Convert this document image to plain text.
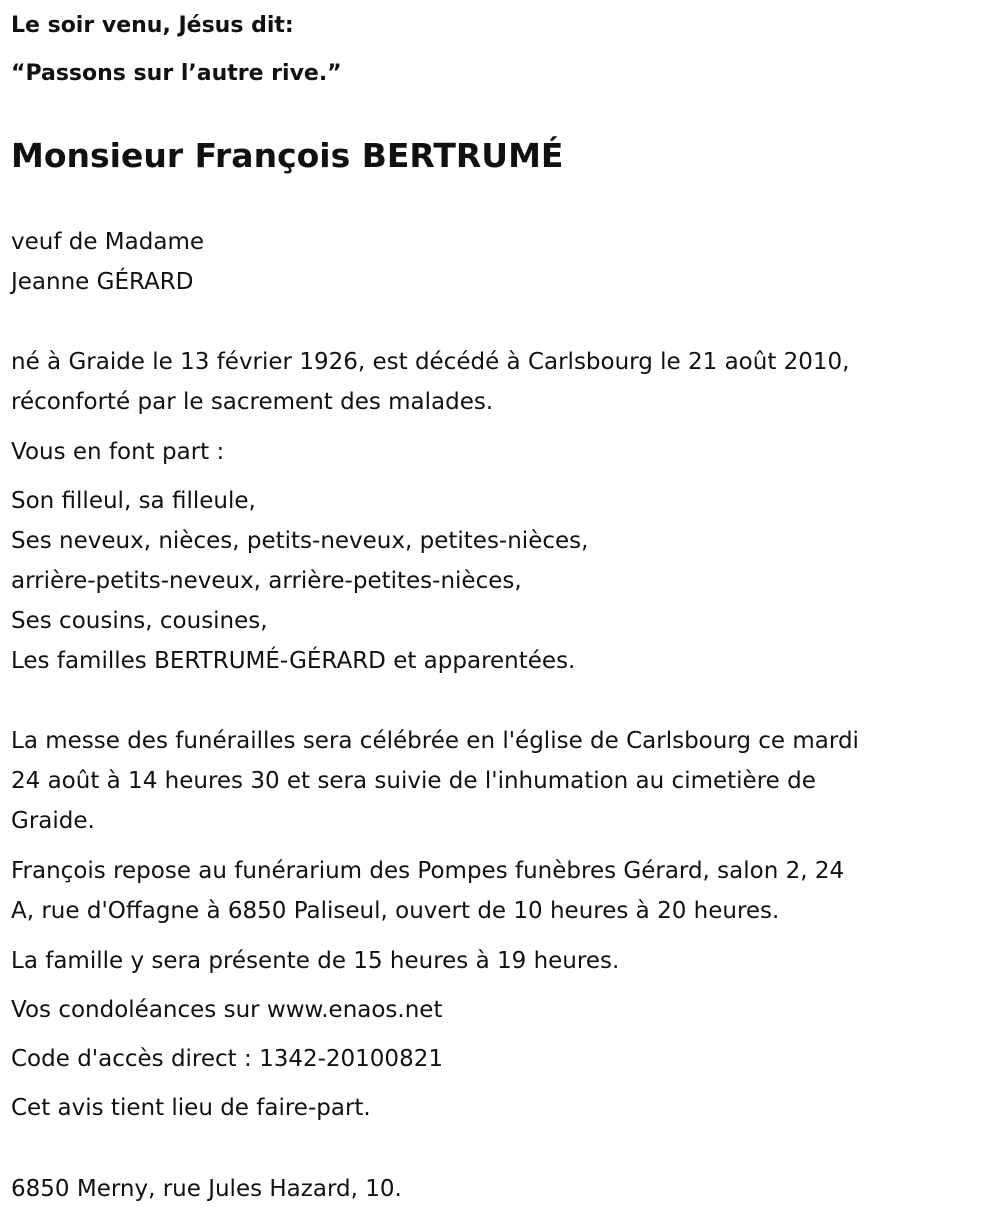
Le soir venu, Jésus dit:
“Passons sur l’autre rive.”
Monsieur François BERTRUMÉ
veuf de Madame
Jeanne GÉRARD
né à Graide le 13 février 1926, est décédé à Carlsbourg le 21 août 2010,
réconforté par le sacrement des malades.
Vous en font part :
Son filleul, sa filleule,
Ses neveux, nièces, petits-neveux, petites-nièces,
arrière-petits-neveux, arrière-petites-nièces,
Ses cousins, cousines,
Les familles BERTRUMÉ-GÉRARD et apparentées.
La messe des funérailles sera célébrée en l'église de Carlsbourg ce mardi
24 août à 14 heures 30 et sera suivie de l'inhumation au cimetière de
Graide.
François repose au funérarium des Pompes funèbres Gérard, salon 2, 24
A, rue d'Offagne à 6850 Paliseul, ouvert de 10 heures à 20 heures.
La famille y sera présente de 15 heures à 19 heures.
Vos condoléances sur www.enaos.net
Code d'accès direct : 1342-20100821
Cet avis tient lieu de faire-part.
6850 Merny, rue Jules Hazard, 10.
